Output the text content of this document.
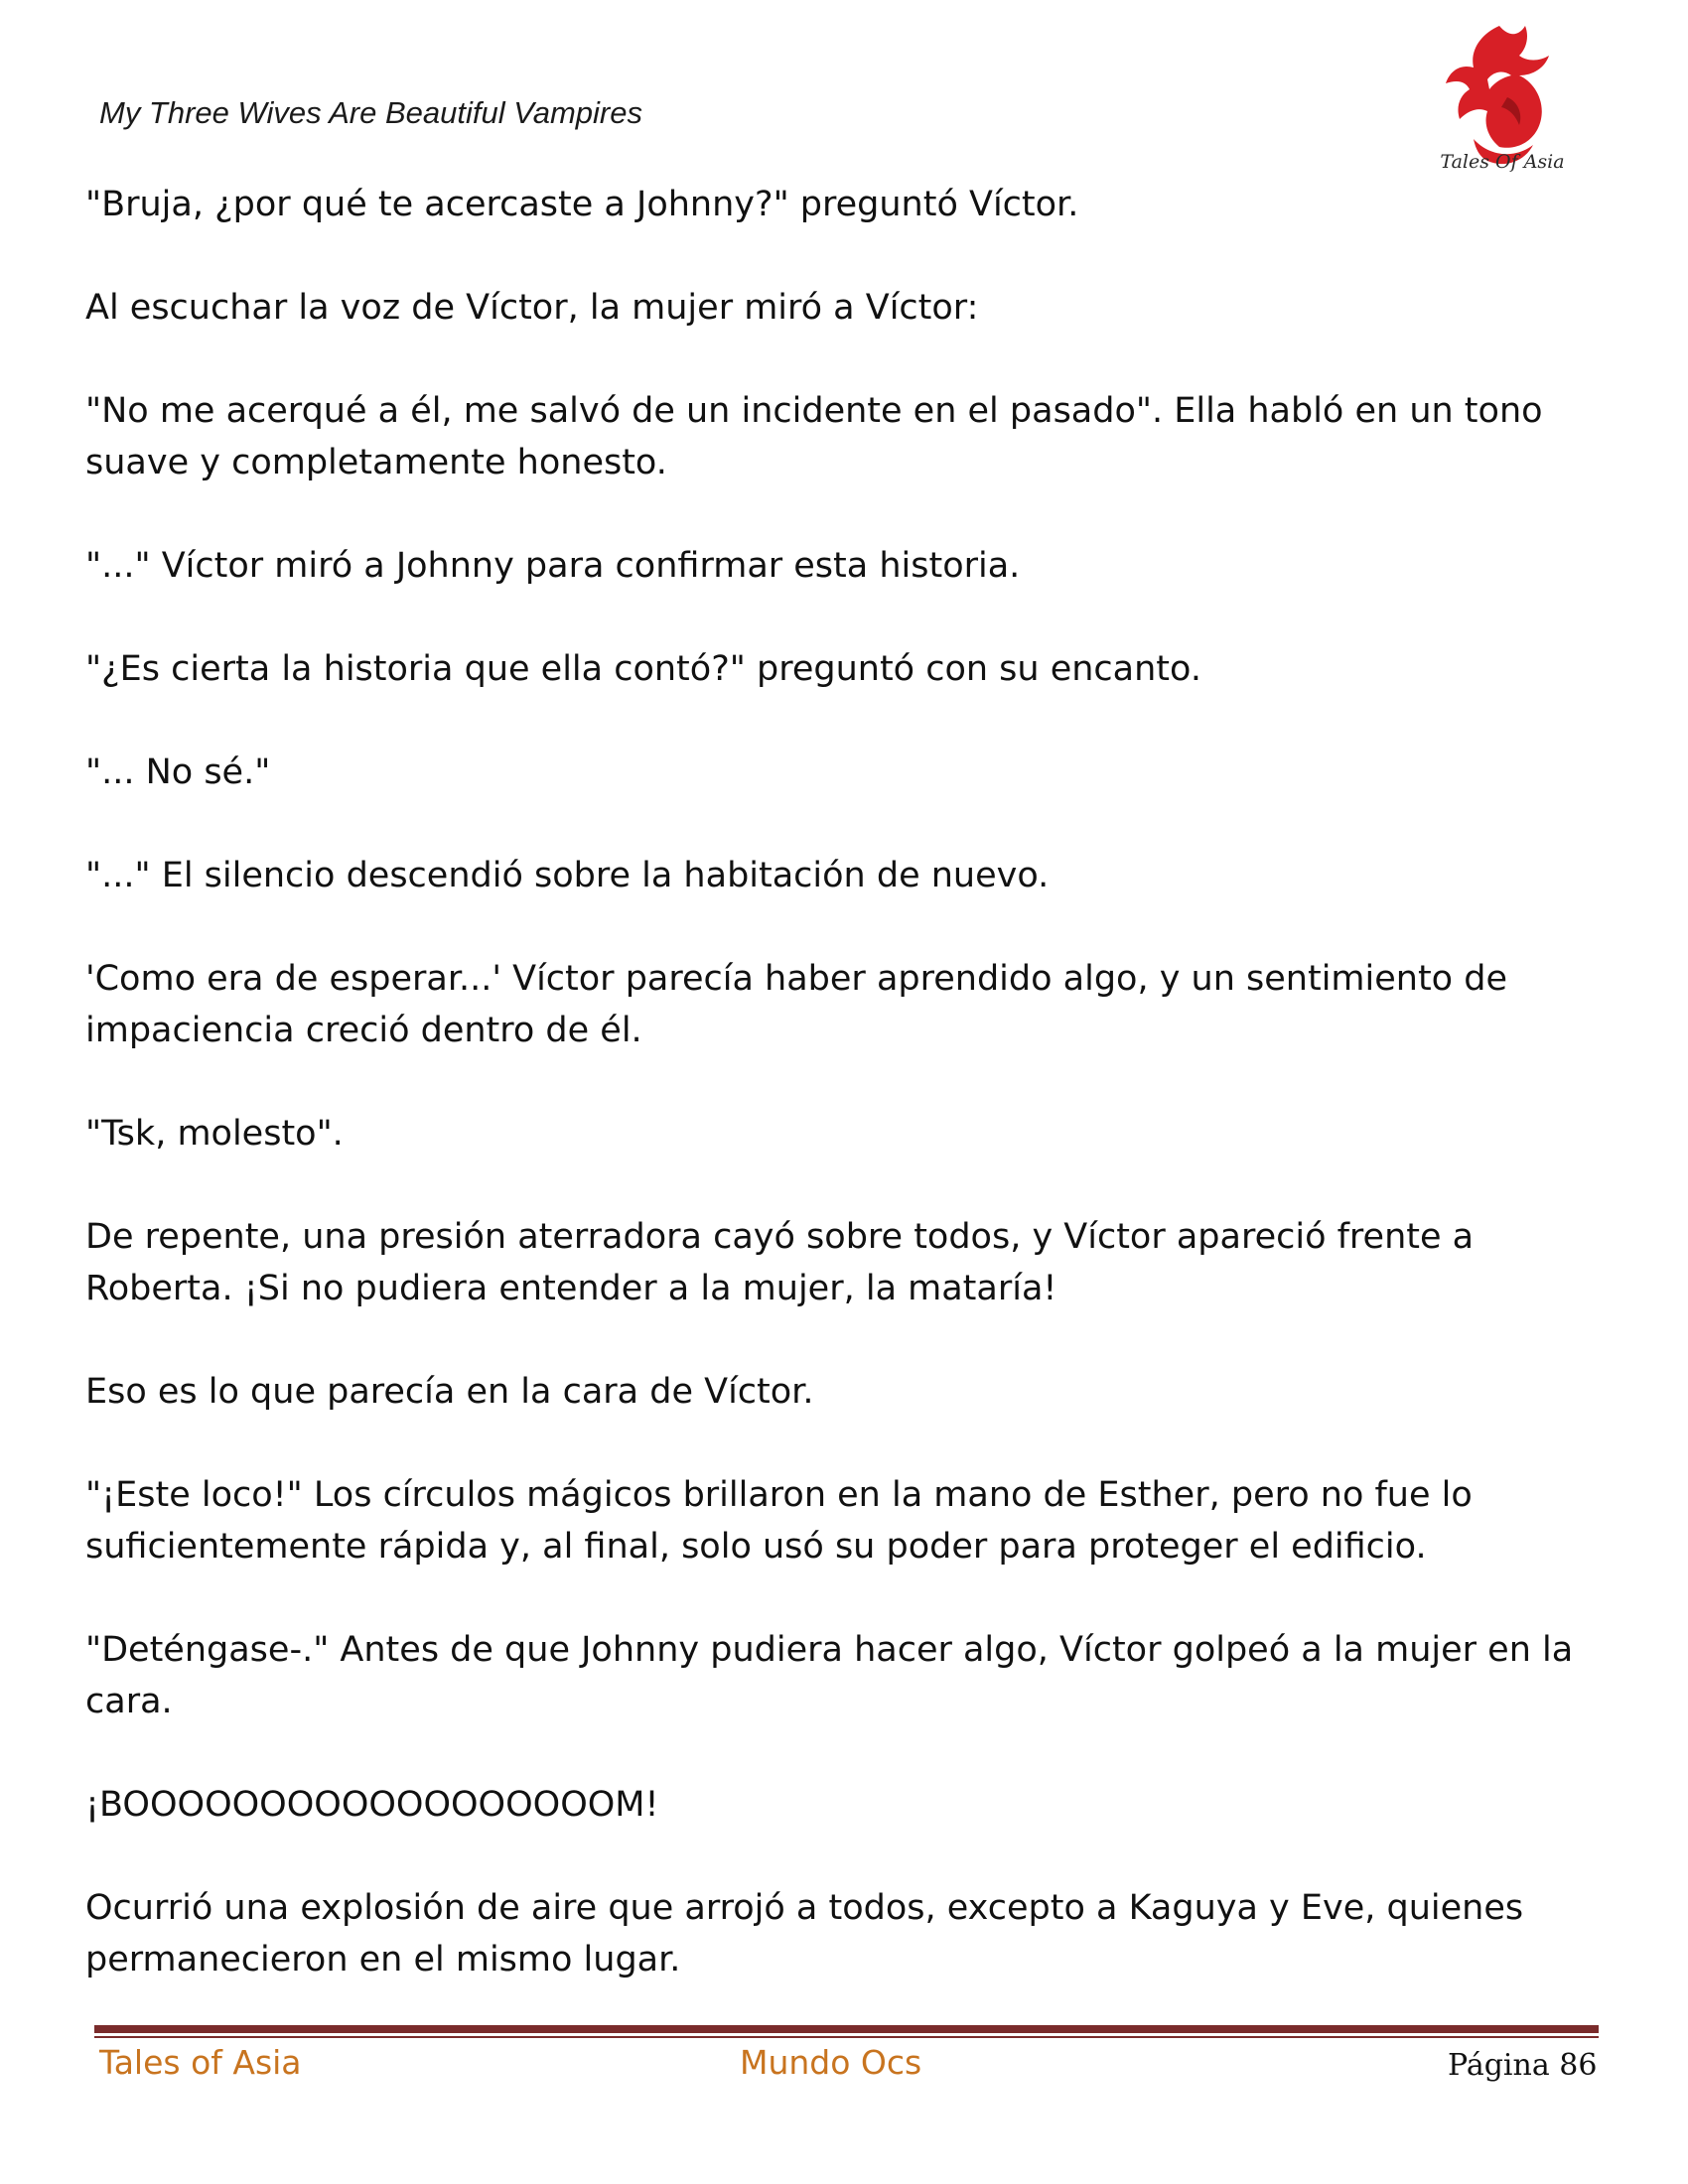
My Three Wives Are Beautiful Vampires
Tales Of Asia

"Bruja, ¿por qué te acercaste a Johnny?" preguntó Víctor.

Al escuchar la voz de Víctor, la mujer miró a Víctor:

"No me acerqué a él, me salvó de un incidente en el pasado". Ella habló en un tono suave y completamente honesto.

"..." Víctor miró a Johnny para confirmar esta historia.

"¿Es cierta la historia que ella contó?" preguntó con su encanto.

"... No sé."

"..." El silencio descendió sobre la habitación de nuevo.

'Como era de esperar...' Víctor parecía haber aprendido algo, y un sentimiento de impaciencia creció dentro de él.

"Tsk, molesto".

De repente, una presión aterradora cayó sobre todos, y Víctor apareció frente a Roberta. ¡Si no pudiera entender a la mujer, la mataría!

Eso es lo que parecía en la cara de Víctor.

"¡Este loco!" Los círculos mágicos brillaron en la mano de Esther, pero no fue lo suficientemente rápida y, al final, solo usó su poder para proteger el edificio.

"Deténgase-." Antes de que Johnny pudiera hacer algo, Víctor golpeó a la mujer en la cara.

¡BOOOOOOOOOOOOOOOOOOM!

Ocurrió una explosión de aire que arrojó a todos, excepto a Kaguya y Eve, quienes permanecieron en el mismo lugar.

Tales of Asia	Mundo Ocs	Página 86
